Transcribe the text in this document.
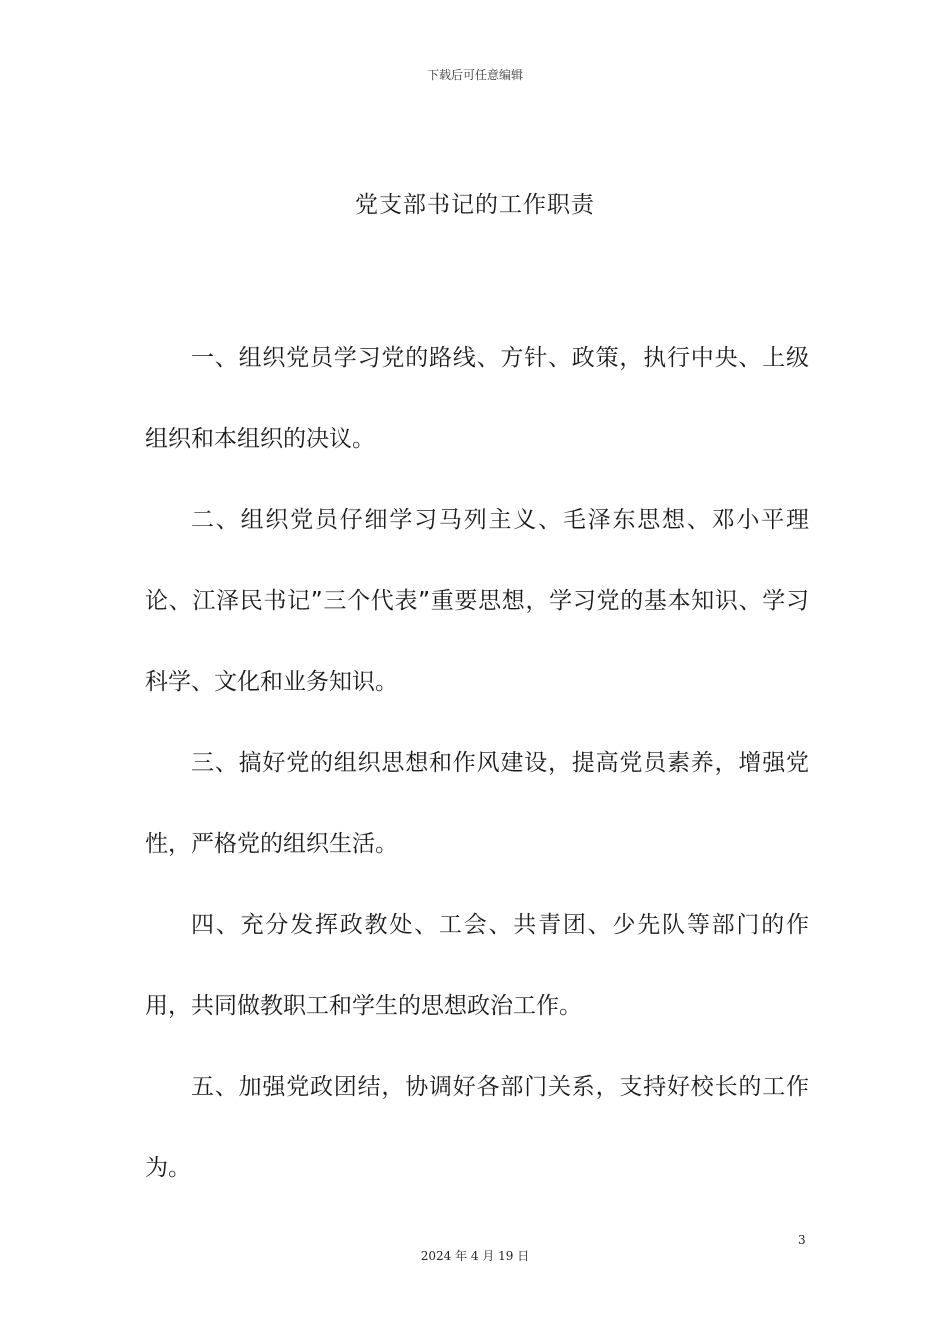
下载后可任意编辑
党支部书记的工作职责

一、组织党员学习党的路线、方针、政策，执行中央、上级组织和本组织的决议。

二、组织党员仔细学习马列主义、毛泽东思想、邓小平理论、江泽民书记”三个代表”重要思想，学习党的基本知识、学习科学、文化和业务知识。

三、搞好党的组织思想和作风建设，提高党员素养，增强党性，严格党的组织生活。

四、充分发挥政教处、工会、共青团、少先队等部门的作用，共同做教职工和学生的思想政治工作。

五、加强党政团结，协调好各部门关系，支持好校长的工作为。

3
2024 年 4 月 19 日
